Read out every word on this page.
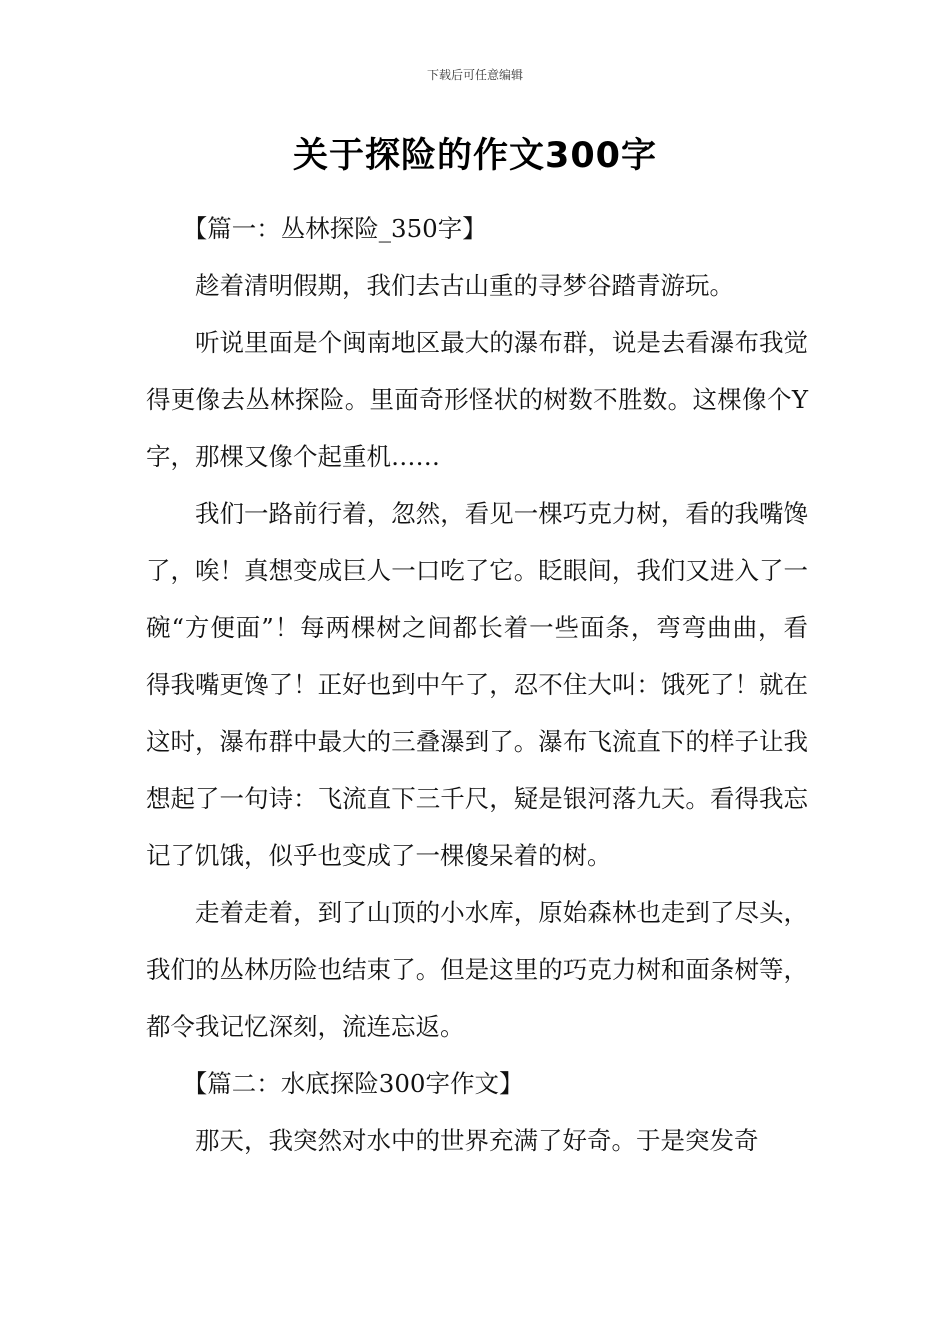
下载后可任意编辑
关于探险的作文300字

【篇一：丛林探险_350字】

趁着清明假期，我们去古山重的寻梦谷踏青游玩。

听说里面是个闽南地区最大的瀑布群，说是去看瀑布我觉得更像去丛林探险。里面奇形怪状的树数不胜数。这棵像个Y字，那棵又像个起重机……

我们一路前行着，忽然，看见一棵巧克力树，看的我嘴馋了，唉！真想变成巨人一口吃了它。眨眼间，我们又进入了一碗“方便面”！每两棵树之间都长着一些面条，弯弯曲曲，看得我嘴更馋了！正好也到中午了，忍不住大叫：饿死了！就在这时，瀑布群中最大的三叠瀑到了。瀑布飞流直下的样子让我想起了一句诗：飞流直下三千尺，疑是银河落九天。看得我忘记了饥饿，似乎也变成了一棵傻呆着的树。

走着走着，到了山顶的小水库，原始森林也走到了尽头，我们的丛林历险也结束了。但是这里的巧克力树和面条树等，都令我记忆深刻，流连忘返。

【篇二：水底探险300字作文】

那天，我突然对水中的世界充满了好奇。于是突发奇
